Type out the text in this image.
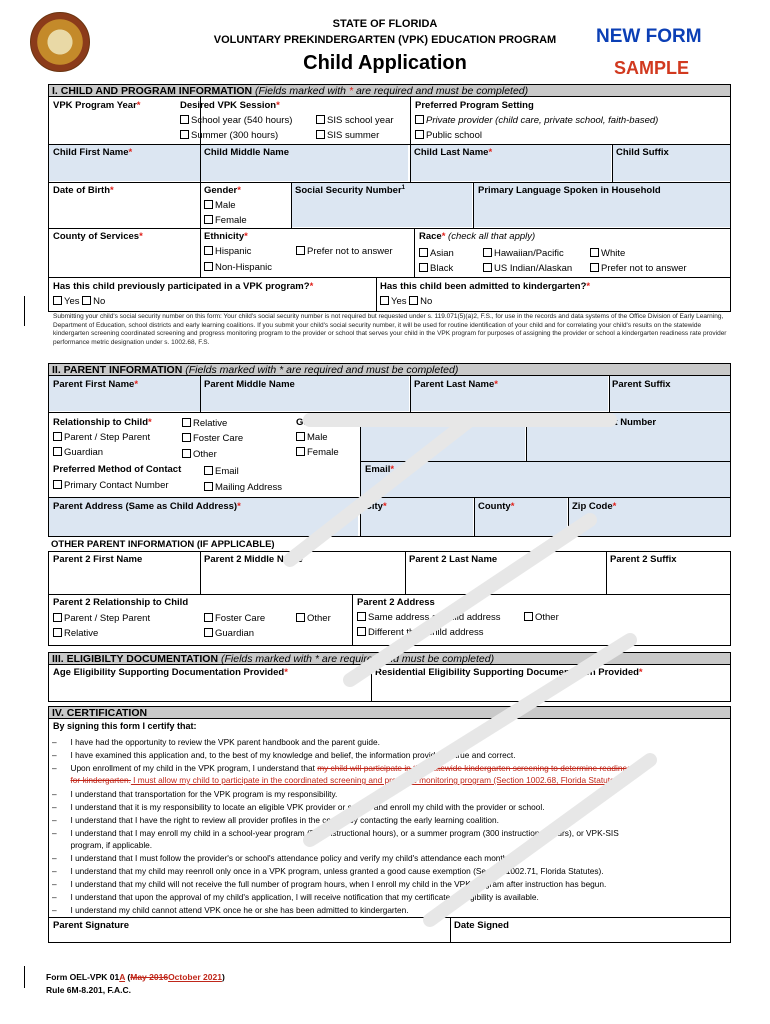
STATE OF FLORIDA
VOLUNTARY PREKINDERGARTEN (VPK) EDUCATION PROGRAM
Child Application
NEW FORM
SAMPLE
I. CHILD AND PROGRAM INFORMATION (Fields marked with * are required and must be completed)
VPK Program Year*	Desired VPK Session*
School year (540 hours)
Summer (300 hours)
SIS school year
SIS summer
Preferred Program Setting
Private provider (child care, private school, faith-based)
Public school
Child First Name*	Child Middle Name	Child Last Name*	Child Suffix
Date of Birth*	Gender*
Male
Female
Social Security Number$^1$	Primary Language Spoken in Household
County of Services*	Ethnicity*
Hispanic
Non-Hispanic
Prefer not to answer
Race* (check all that apply)
Asian
Black
Hawaiian/Pacific
US Indian/Alaskan
White
Prefer not to answer
Has this child previously participated in a VPK program?*
Yes No
Has this child been admitted to kindergarten?*
Yes No
Submitting your child's social security number on this form: Your child's social security number is not required but requested under s. 119.071(5)(a)2, F.S., for use in the records and data systems of the Office Division of Early Learning, Department of Education, school districts and early learning coalitions. If you submit your child's social security number, it will be used for routine identification of your child and for correlating your child's results on the statewide kindergarten screening coordinated screening and progress monitoring program to the provider or school that serves your child in the VPK program for purposes of assigning the provider or school a kindergarten readiness rate provider performance metric designation under s. 1002.68, F.S.
II. PARENT INFORMATION (Fields marked with * are required and must be completed)
Parent First Name*	Parent Middle Name	Parent Last Name*	Parent Suffix
Relationship to Child*
Parent / Step Parent
Guardian
Relative
Foster Care
Other
Gender*
Male
Female
Primary Contact Number*	Secondary Contact Number
Preferred Method of Contact
Primary Contact Number
Email
Mailing Address
Email*
Parent Address (Same as Child Address)*	City*	County*	Zip Code*
OTHER PARENT INFORMATION (IF APPLICABLE)
Parent 2 First Name	Parent 2 Middle Name	Parent 2 Last Name	Parent 2 Suffix
Parent 2 Relationship to Child
Parent / Step Parent
Relative
Foster Care
Guardian
Other
Parent 2 Address
Same address as child address
Different than child address
Other
III. ELIGIBILTY DOCUMENTATION (Fields marked with * are required and must be completed)
Age Eligibility Supporting Documentation Provided*	Residential Eligibility Supporting Documentation Provided*
IV. CERTIFICATION
By signing this form I certify that:
–      I have had the opportunity to review the VPK parent handbook and the parent guide.
–      I have examined this application and, to the best of my knowledge and belief, the information provided is true and correct.
–      Upon enrollment of my child in the VPK program, I understand that my child will participate in the statewide kindergarten screening to determine readiness
for kindergarten. I must allow my child to participate in the coordinated screening and progress monitoring program (Section 1002.68, Florida Statutes).
–      I understand that transportation for the VPK program is my responsibility.
–      I understand that it is my responsibility to locate an eligible VPK provider or school and enroll my child with the provider or school.
–      I understand that I have the right to review all provider profiles in the county by contacting the early learning coalition.
–      I understand that I may enroll my child in a school-year program (540 instructional hours), or a summer program (300 instructional hours), or VPK-SIS
program, if applicable.
–      I understand that I must follow the provider's or school's attendance policy and verify my child's attendance each month.
–      I understand that my child may reenroll only once in a VPK program, unless granted a good cause exemption (Section 1002.71, Florida Statutes).
–      I understand that my child will not receive the full number of program hours, when I enroll my child in the VPK program after instruction has begun.
–      I understand that upon the approval of my child's application, I will receive notification that my certificate of eligibility is available.
–      I understand my child cannot attend VPK once he or she has been admitted to kindergarten.
Parent Signature	Date Signed
Form OEL-VPK 01A (May 2016October 2021)
Rule 6M-8.201, F.A.C.
